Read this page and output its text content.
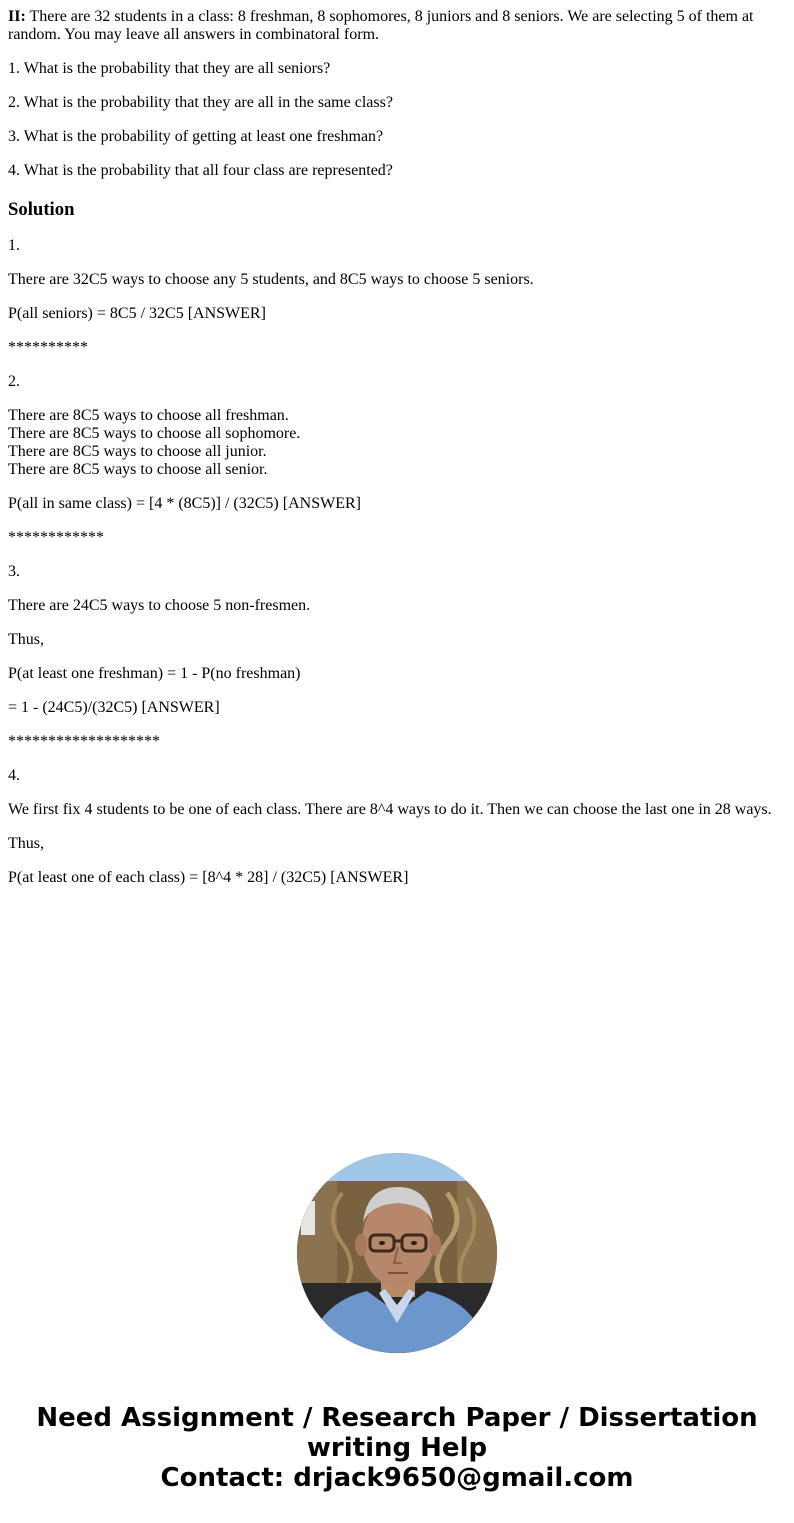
II: There are 32 students in a class: 8 freshman, 8 sophomores, 8 juniors and 8 seniors. We are selecting 5 of them at random. You may leave all answers in combinatoral form.

1. What is the probability that they are all seniors?

2. What is the probability that they are all in the same class?

3. What is the probability of getting at least one freshman?

4. What is the probability that all four class are represented?

Solution

1.

There are 32C5 ways to choose any 5 students, and 8C5 ways to choose 5 seniors.

P(all seniors) = 8C5 / 32C5 [ANSWER]

**********

2.

There are 8C5 ways to choose all freshman.
There are 8C5 ways to choose all sophomore.
There are 8C5 ways to choose all junior.
There are 8C5 ways to choose all senior.

P(all in same class) = [4 * (8C5)] / (32C5) [ANSWER]

************

3.

There are 24C5 ways to choose 5 non-fresmen.

Thus,

P(at least one freshman) = 1 - P(no freshman)

= 1 - (24C5)/(32C5) [ANSWER]

*******************

4.

We first fix 4 students to be one of each class. There are 8^4 ways to do it. Then we can choose the last one in 28 ways.

Thus,

P(at least one of each class) = [8^4 * 28] / (32C5) [ANSWER]

Need Assignment / Research Paper / Dissertation
writing Help
Contact: drjack9650@gmail.com
